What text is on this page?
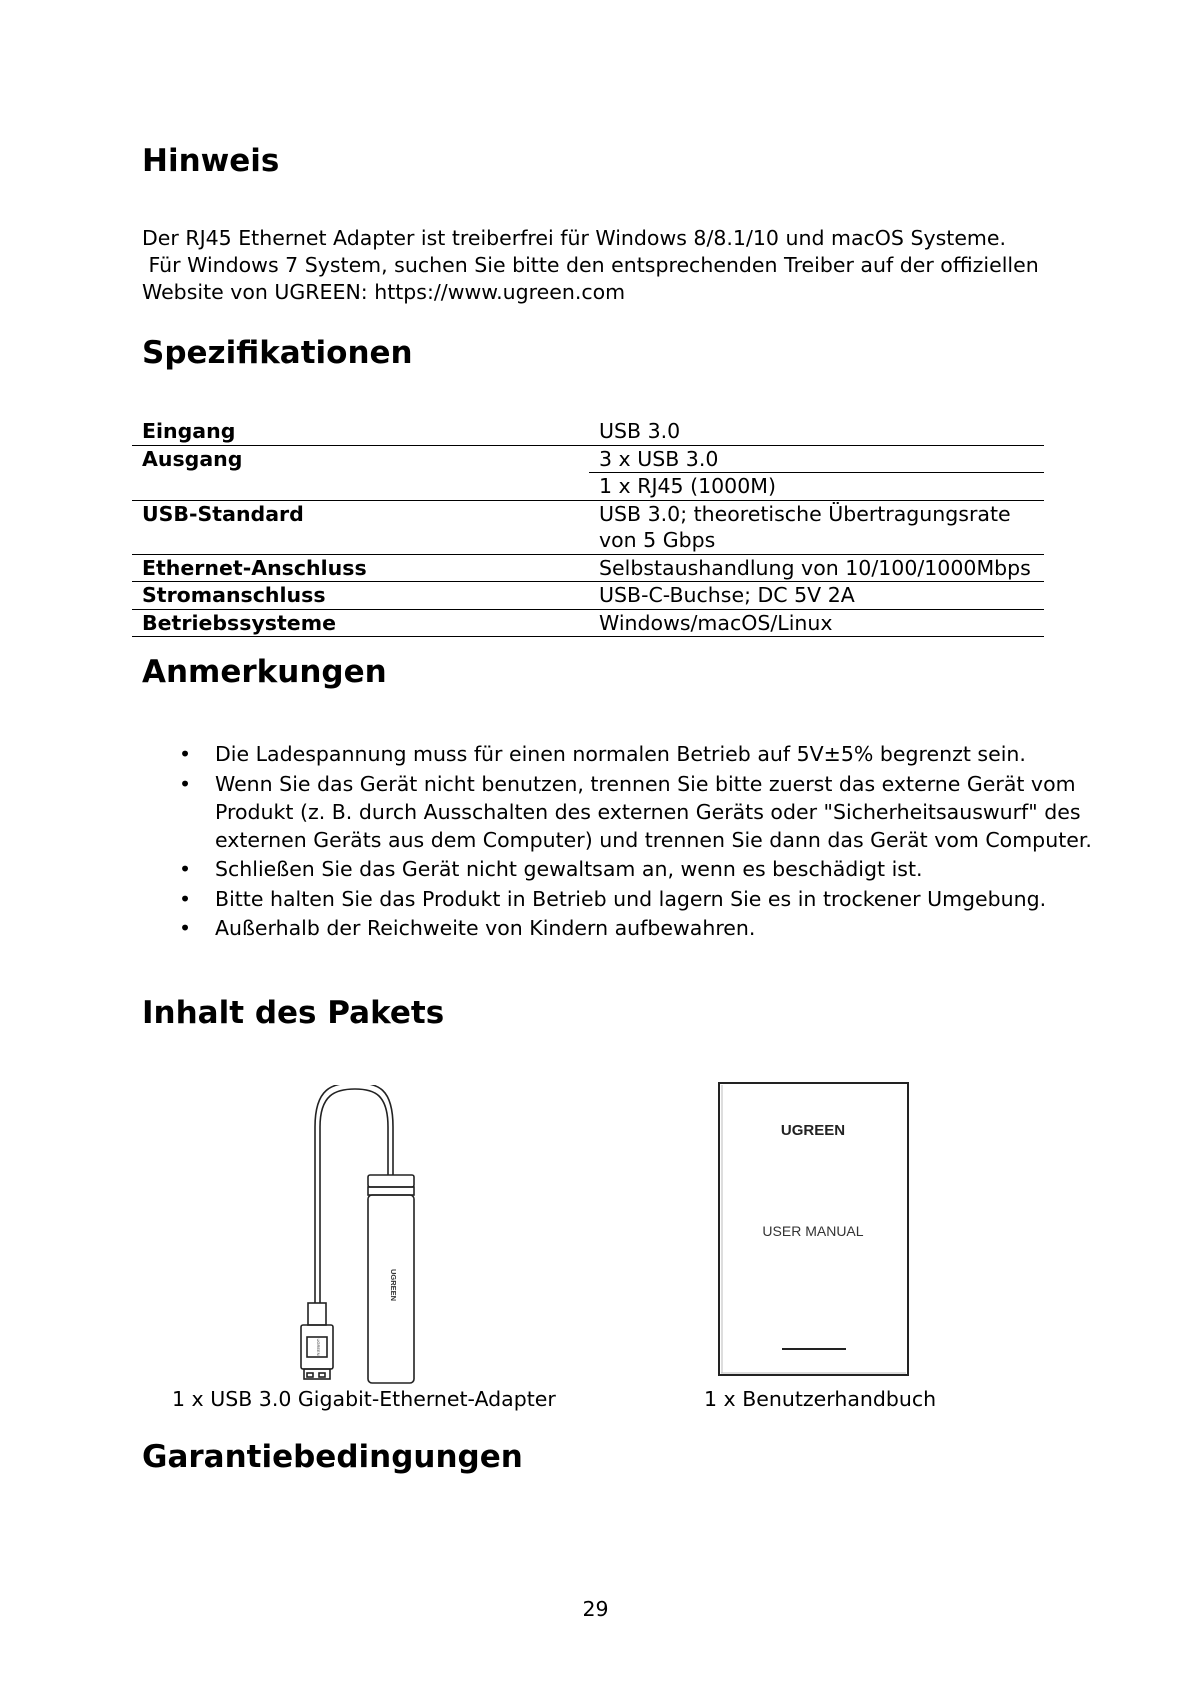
Hinweis
Der RJ45 Ethernet Adapter ist treiberfrei für Windows 8/8.1/10 und macOS Systeme.
Für Windows 7 System, suchen Sie bitte den entsprechenden Treiber auf der offiziellen
Website von UGREEN: https://www.ugreen.com
Spezifikationen
Eingang	USB 3.0
Ausgang	3 x USB 3.0
	1 x RJ45 (1000M)
USB-Standard	USB 3.0; theoretische Übertragungsrate
	von 5 Gbps
Ethernet-Anschluss	Selbstaushandlung von 10/100/1000Mbps
Stromanschluss	USB-C-Buchse; DC 5V 2A
Betriebssysteme	Windows/macOS/Linux
Anmerkungen
• Die Ladespannung muss für einen normalen Betrieb auf 5V±5% begrenzt sein.
• Wenn Sie das Gerät nicht benutzen, trennen Sie bitte zuerst das externe Gerät vom Produkt (z. B. durch Ausschalten des externen Geräts oder "Sicherheitsauswurf" des externen Geräts aus dem Computer) und trennen Sie dann das Gerät vom Computer.
• Schließen Sie das Gerät nicht gewaltsam an, wenn es beschädigt ist.
• Bitte halten Sie das Produkt in Betrieb und lagern Sie es in trockener Umgebung.
• Außerhalb der Reichweite von Kindern aufbewahren.
Inhalt des Pakets
UGREEN
UGREEN
UGREEN
USER MANUAL
1 x USB 3.0 Gigabit-Ethernet-Adapter	1 x Benutzerhandbuch
Garantiebedingungen
29
